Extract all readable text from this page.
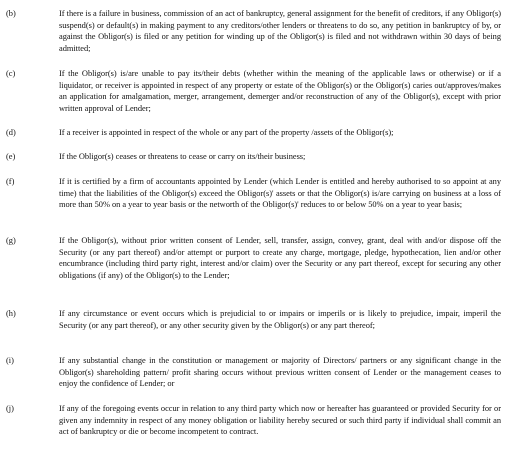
(b)	If there is a failure in business, commission of an act of bankruptcy, general assignment for the benefit of creditors, if any Obligor(s) suspend(s) or default(s) in making payment to any creditors/other lenders or threatens to do so, any petition in bankruptcy of by, or against the Obligor(s) is filed or any petition for winding up of the Obligor(s) is filed and not withdrawn within 30 days of being admitted;
(c)	If the Obligor(s) is/are unable to pay its/their debts (whether within the meaning of the applicable laws or otherwise) or if a liquidator, or receiver is appointed in respect of any property or estate of the Obligor(s) or the Obligor(s) caries out/approves/makes an application for amalgamation, merger, arrangement, demerger and/or reconstruction of any of the Obligor(s), except with prior written approval of Lender;
(d)	If a receiver is appointed in respect of the whole or any part of the property /assets of the Obligor(s);
(e)	If the Obligor(s) ceases or threatens to cease or carry on its/their business;
(f)	If it is certified by a firm of accountants appointed by Lender (which Lender is entitled and hereby authorised to so appoint at any time) that the liabilities of the Obligor(s) exceed the Obligor(s)' assets or that the Obligor(s) is/are carrying on business at a loss of more than 50% on a year to year basis or the networth of the Obligor(s)' reduces to or below 50% on a year to year basis;
(g)	If the Obligor(s), without prior written consent of Lender, sell, transfer, assign, convey, grant, deal with and/or dispose off the Security (or any part thereof) and/or attempt or purport to create any charge, mortgage, pledge, hypothecation, lien and/or other encumbrance (including third party right, interest and/or claim) over the Security or any part thereof, except for securing any other obligations (if any) of the Obligor(s) to the Lender;
(h)	If any circumstance or event occurs which is prejudicial to or impairs or imperils or is likely to prejudice, impair, imperil the Security (or any part thereof), or any other security given by the Obligor(s) or any part thereof;
(i)	If any substantial change in the constitution or management or majority of Directors/ partners or any significant change in the Obligor(s) shareholding pattern/ profit sharing occurs without previous written consent of Lender or the management ceases to enjoy the confidence of Lender; or
(j)	If any of the foregoing events occur in relation to any third party which now or hereafter has guaranteed or provided Security for or given any indemnity in respect of any money obligation or liability hereby secured or such third party if individual shall commit an act of bankruptcy or die or become incompetent to contract.
